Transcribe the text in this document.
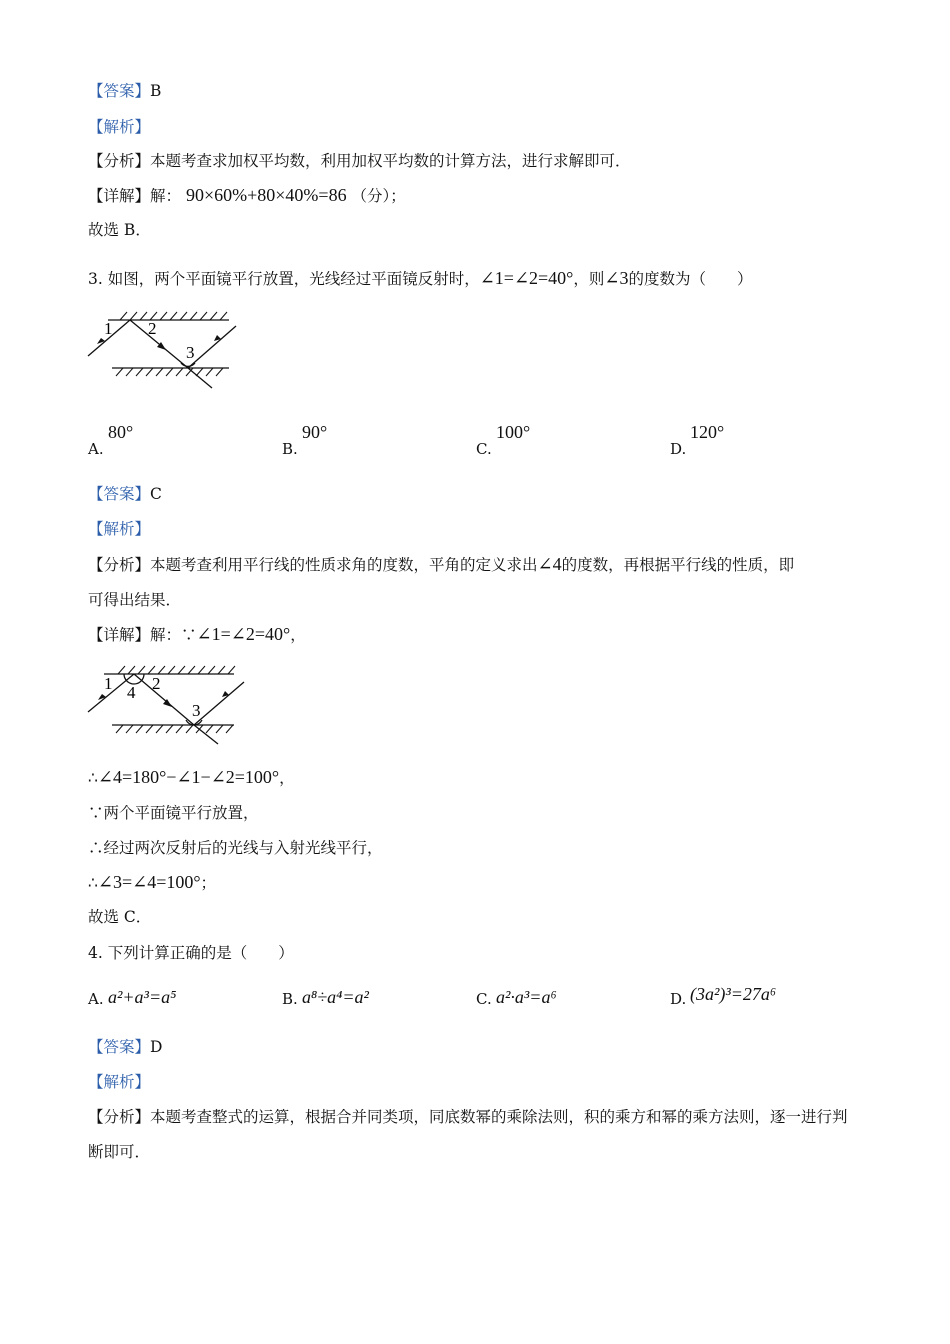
【答案】B
【解析】
【分析】本题考查求加权平均数，利用加权平均数的计算方法，进行求解即可．
【详解】解： 90×60%+80×40%=86 （分）；
故选 B．
3. 如图，两个平面镜平行放置，光线经过平面镜反射时，∠1=∠2=40°，则∠3的度数为（　　）
1 2
3
A.
80°
B.
90°
C.
100°
D.
120°
【答案】C
【解析】
【分析】本题考查利用平行线的性质求角的度数，平角的定义求出∠4的度数，再根据平行线的性质，即
可得出结果．
【详解】解：∵∠1=∠2=40°，
1 4 2
3
∴∠4=180°−∠1−∠2=100°，
∵两个平面镜平行放置，
∴经过两次反射后的光线与入射光线平行，
∴∠3=∠4=100°；
故选 C．
4. 下列计算正确的是（　　）
A. a²+a³=a⁵	B. a⁸÷a⁴=a²	C. a²·a³=a⁶	D. (3a²)³=27a⁶
【答案】D
【解析】
【分析】本题考查整式的运算，根据合并同类项，同底数幂的乘除法则，积的乘方和幂的乘方法则，逐一进行判断即可．
